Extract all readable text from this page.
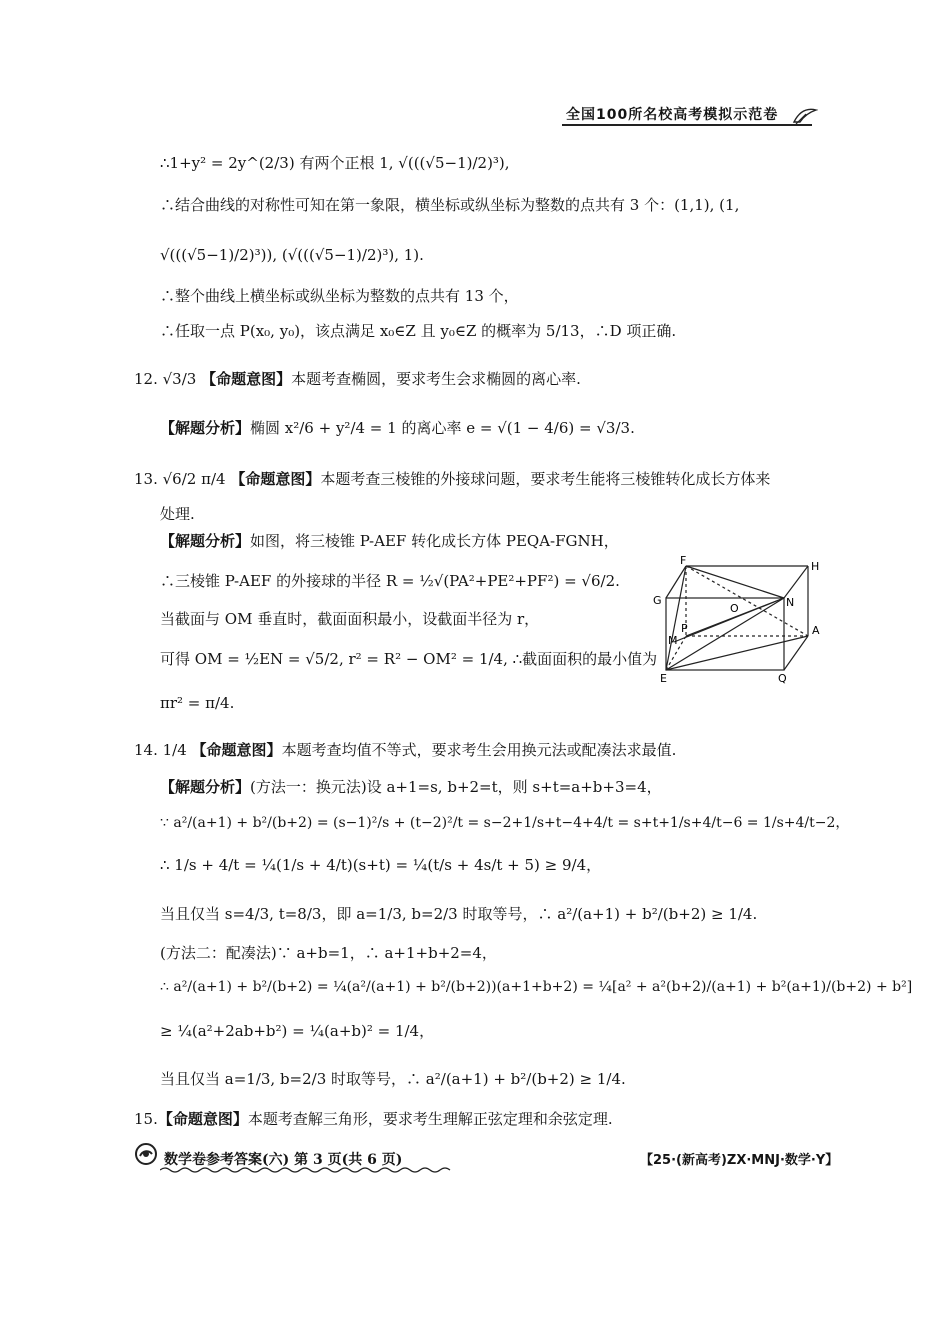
全国100所名校高考模拟示范卷
∴1+y² = 2y^(2/3) 有两个正根 1, √(((√5−1)/2)³),
∴结合曲线的对称性可知在第一象限，横坐标或纵坐标为整数的点共有 3 个：(1,1), (1,
√(((√5−1)/2)³)), (√(((√5−1)/2)³), 1).
∴整个曲线上横坐标或纵坐标为整数的点共有 13 个，
∴任取一点 P(x₀, y₀)，该点满足 x₀∈Z 且 y₀∈Z 的概率为 5/13，∴D 项正确.
12. √3/3 【命题意图】本题考查椭圆，要求考生会求椭圆的离心率.
【解题分析】椭圆 x²/6 + y²/4 = 1 的离心率 e = √(1 − 4/6) = √3/3.
13. √6/2 π/4 【命题意图】本题考查三棱锥的外接球问题，要求考生能将三棱锥转化成长方体来
处理.
【解题分析】如图，将三棱锥 P-AEF 转化成长方体 PEQA-FGNH，
∴三棱锥 P-AEF 的外接球的半径 R = ½√(PA²+PE²+PF²) = √6/2.
当截面与 OM 垂直时，截面面积最小，设截面半径为 r，
可得 OM = ½EN = √5/2, r² = R² − OM² = 1/4, ∴截面面积的最小值为
πr² = π/4.
F	H
G
O	N
P
M
A
E	Q
14. 1/4 【命题意图】本题考查均值不等式，要求考生会用换元法或配凑法求最值.
【解题分析】(方法一：换元法)设 a+1=s, b+2=t，则 s+t=a+b+3=4，
∵ a²/(a+1) + b²/(b+2) = (s−1)²/s + (t−2)²/t = s−2+1/s+t−4+4/t = s+t+1/s+4/t−6 = 1/s+4/t−2，
∴ 1/s + 4/t = ¼(1/s + 4/t)(s+t) = ¼(t/s + 4s/t + 5) ≥ 9/4，
当且仅当 s=4/3, t=8/3，即 a=1/3, b=2/3 时取等号，∴ a²/(a+1) + b²/(b+2) ≥ 1/4.
(方法二：配凑法)∵ a+b=1，∴ a+1+b+2=4，
∴ a²/(a+1) + b²/(b+2) = ¼(a²/(a+1) + b²/(b+2))(a+1+b+2) = ¼[a² + a²(b+2)/(a+1) + b²(a+1)/(b+2) + b²]
≥ ¼(a²+2ab+b²) = ¼(a+b)² = 1/4，
当且仅当 a=1/3, b=2/3 时取等号，∴ a²/(a+1) + b²/(b+2) ≥ 1/4.
15.【命题意图】本题考查解三角形，要求考生理解正弦定理和余弦定理.
数学卷参考答案(六) 第 3 页(共 6 页)	【25·(新高考)ZX·MNJ·数学·Y】
